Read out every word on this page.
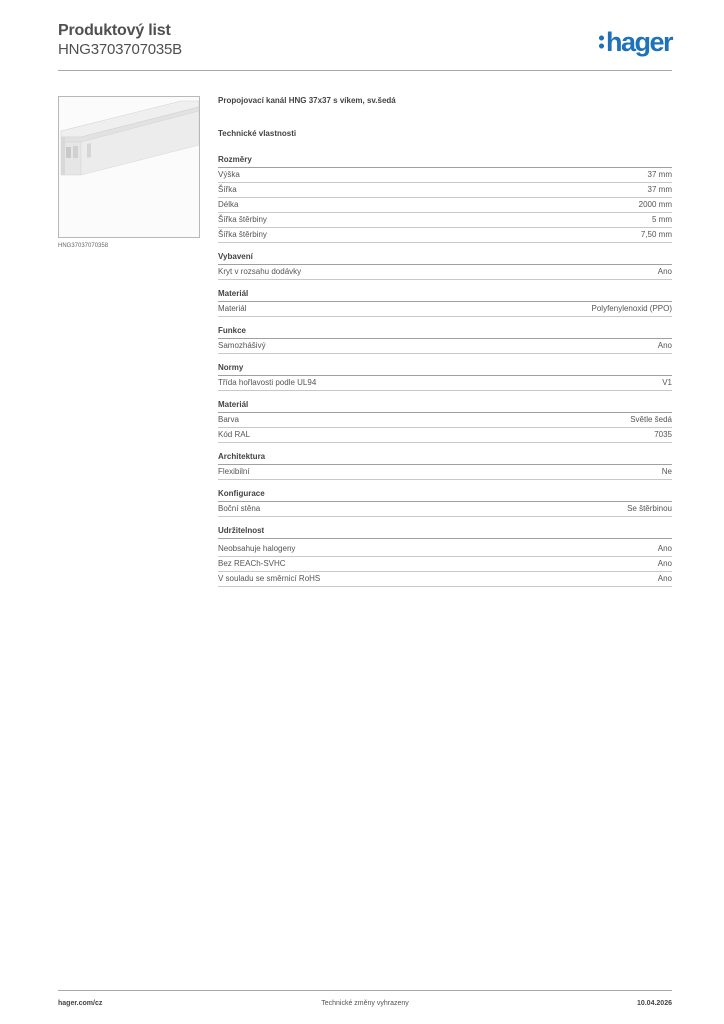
Produktový list
HNG3703707035B	hager
HNG37037070358
Propojovací kanál HNG 37x37 s víkem, sv.šedá
Technické vlastnosti
Rozměry
Výška	37 mm
Šířka	37 mm
Délka	2000 mm
Šířka štěrbiny	5 mm
Šířka štěrbiny	7,50 mm
Vybavení
Kryt v rozsahu dodávky	Ano
Materiál
Materiál	Polyfenylenoxid (PPO)
Funkce
Samozhášivý	Ano
Normy
Třída hořlavosti podle UL94	V1
Materiál
Barva	Světle šedá
Kód RAL	7035
Architektura
Flexibilní	Ne
Konfigurace
Boční stěna	Se štěrbinou
Udržitelnost
Neobsahuje halogeny	Ano
Bez REACh-SVHC	Ano
V souladu se směrnicí RoHS	Ano
hager.com/cz	Technické změny vyhrazeny	10.04.2026
